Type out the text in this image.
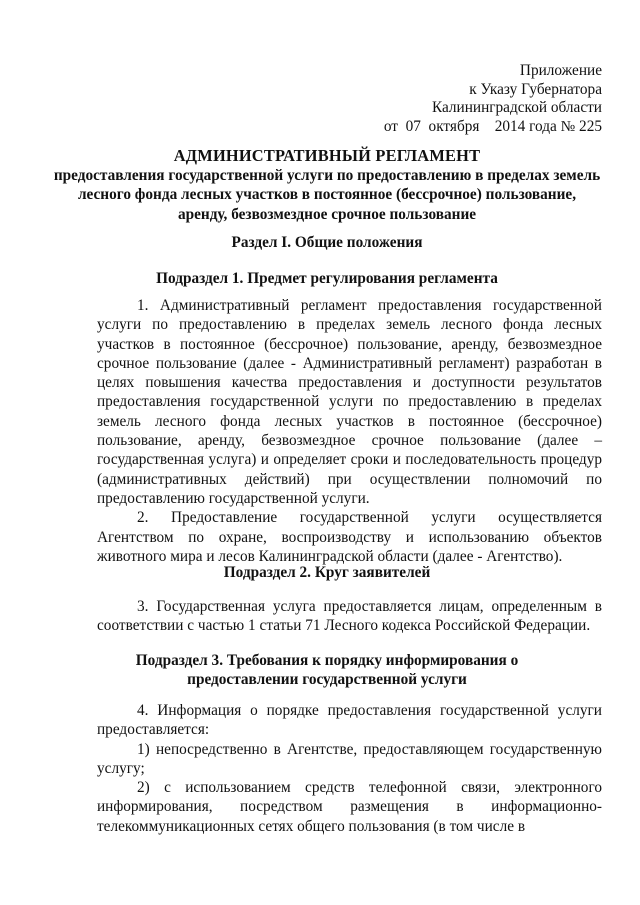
Приложение
к Указу Губернатора
Калининградской области
от  07  октября    2014 года № 225
АДМИНИСТРАТИВНЫЙ РЕГЛАМЕНТ
предоставления государственной услуги по предоставлению в пределах земель лесного фонда лесных участков в постоянное (бессрочное) пользование, аренду, безвозмездное срочное пользование
Раздел I. Общие положения
Подраздел 1. Предмет регулирования регламента

1. Административный регламент предоставления государственной услуги по предоставлению в пределах земель лесного фонда лесных участков в постоянное (бессрочное) пользование, аренду, безвозмездное срочное пользование (далее - Административный регламент) разработан в целях повышения качества предоставления и доступности результатов предоставления государственной услуги по предоставлению в пределах земель лесного фонда лесных участков в постоянное (бессрочное) пользование, аренду, безвозмездное срочное пользование (далее – государственная услуга) и определяет сроки и последовательность процедур (административных действий) при осуществлении полномочий по предоставлению государственной услуги.

2. Предоставление государственной услуги осуществляется Агентством по охране, воспроизводству и использованию объектов животного мира и лесов Калининградской области (далее - Агентство).

Подраздел 2. Круг заявителей

3. Государственная услуга предоставляется лицам, определенным в соответствии с частью 1 статьи 71 Лесного кодекса Российской Федерации.

Подраздел 3. Требования к порядку информирования о
предоставлении государственной услуги

4. Информация о порядке предоставления государственной услуги предоставляется:

1) непосредственно в Агентстве, предоставляющем государственную услугу;

2) с использованием средств телефонной связи, электронного информирования, посредством размещения в информационно-телекоммуникационных сетях общего пользования (в том числе в
